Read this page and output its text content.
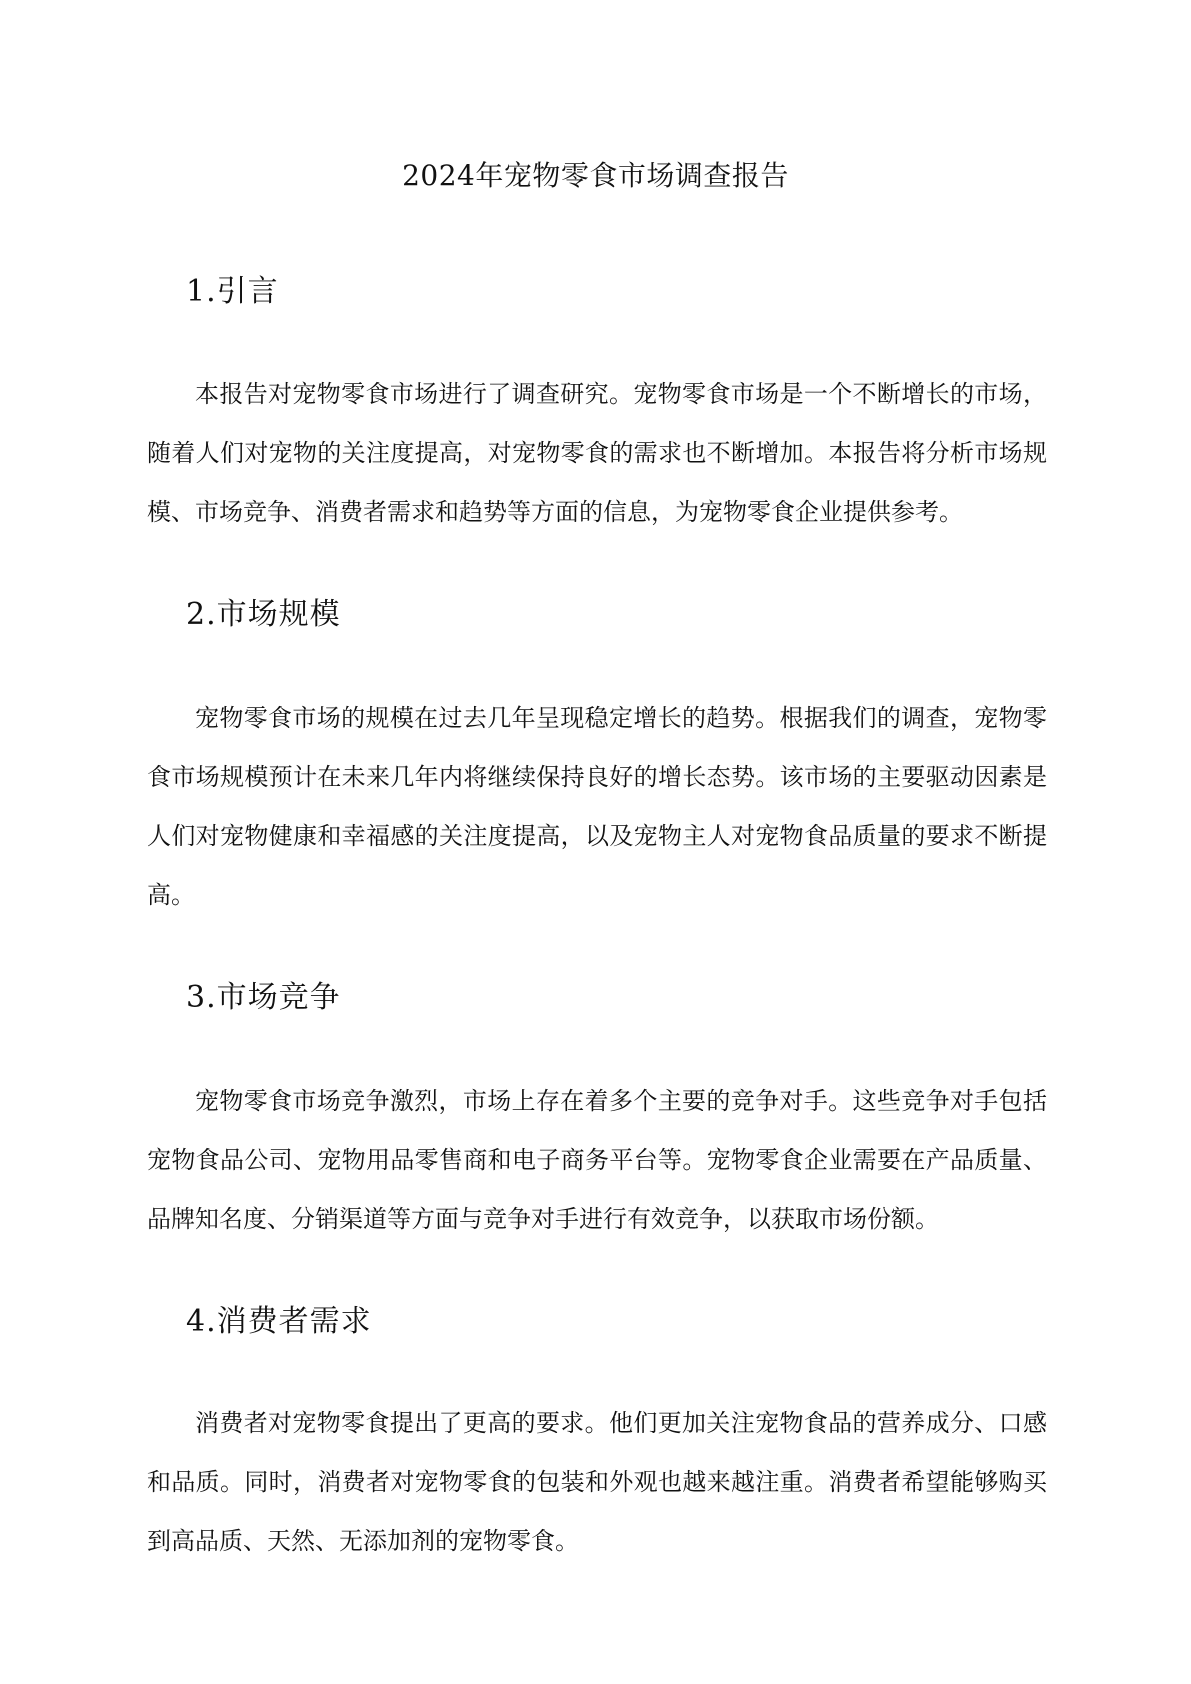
2024年宠物零食市场调查报告
1.引言

本报告对宠物零食市场进行了调查研究。宠物零食市场是一个不断增长的市场，随着人们对宠物的关注度提高，对宠物零食的需求也不断增加。本报告将分析市场规模、市场竞争、消费者需求和趋势等方面的信息，为宠物零食企业提供参考。

2.市场规模

宠物零食市场的规模在过去几年呈现稳定增长的趋势。根据我们的调查，宠物零食市场规模预计在未来几年内将继续保持良好的增长态势。该市场的主要驱动因素是人们对宠物健康和幸福感的关注度提高，以及宠物主人对宠物食品质量的要求不断提高。

3.市场竞争

宠物零食市场竞争激烈，市场上存在着多个主要的竞争对手。这些竞争对手包括宠物食品公司、宠物用品零售商和电子商务平台等。宠物零食企业需要在产品质量、品牌知名度、分销渠道等方面与竞争对手进行有效竞争，以获取市场份额。

4.消费者需求

消费者对宠物零食提出了更高的要求。他们更加关注宠物食品的营养成分、口感和品质。同时，消费者对宠物零食的包装和外观也越来越注重。消费者希望能够购买到高品质、天然、无添加剂的宠物零食。
